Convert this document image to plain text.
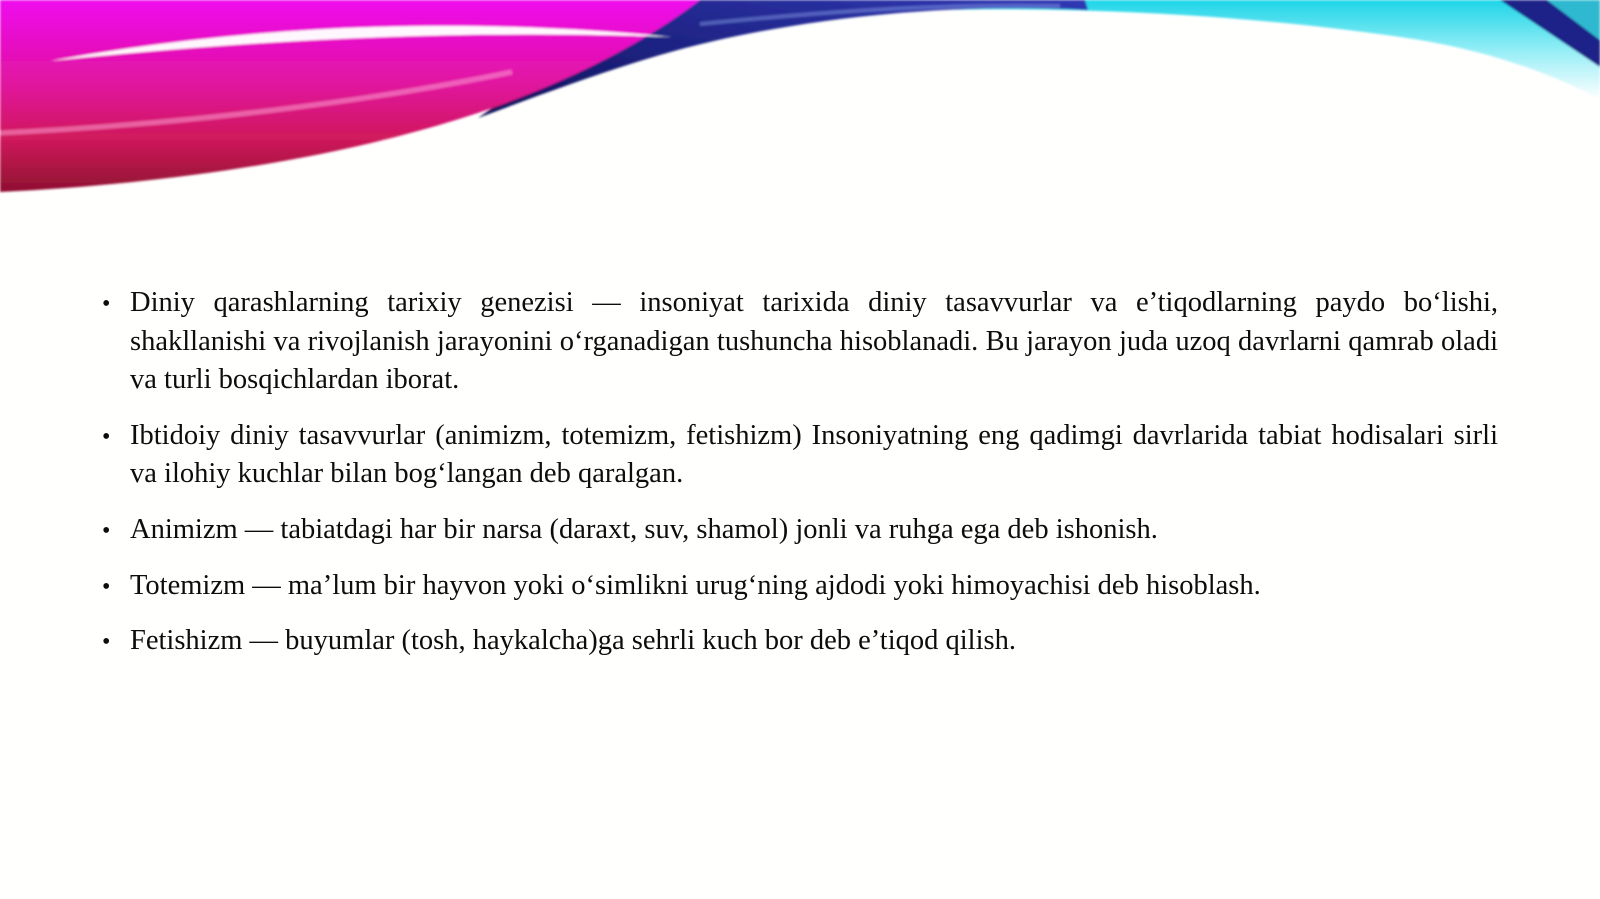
• Diniy qarashlarning tarixiy genezisi — insoniyat tarixida diniy tasavvurlar va e’tiqodlarning paydo bo‘lishi, shakllanishi va rivojlanish jarayonini o‘rganadigan tushuncha hisoblanadi. Bu jarayon juda uzoq davrlarni qamrab oladi va turli bosqichlardan iborat.
• Ibtidoiy diniy tasavvurlar (animizm, totemizm, fetishizm) Insoniyatning eng qadimgi davrlarida tabiat hodisalari sirli va ilohiy kuchlar bilan bog‘langan deb qaralgan.
• Animizm — tabiatdagi har bir narsa (daraxt, suv, shamol) jonli va ruhga ega deb ishonish.
• Totemizm — ma’lum bir hayvon yoki o‘simlikni urug‘ning ajdodi yoki himoyachisi deb hisoblash.
• Fetishizm — buyumlar (tosh, haykalcha)ga sehrli kuch bor deb e’tiqod qilish.
